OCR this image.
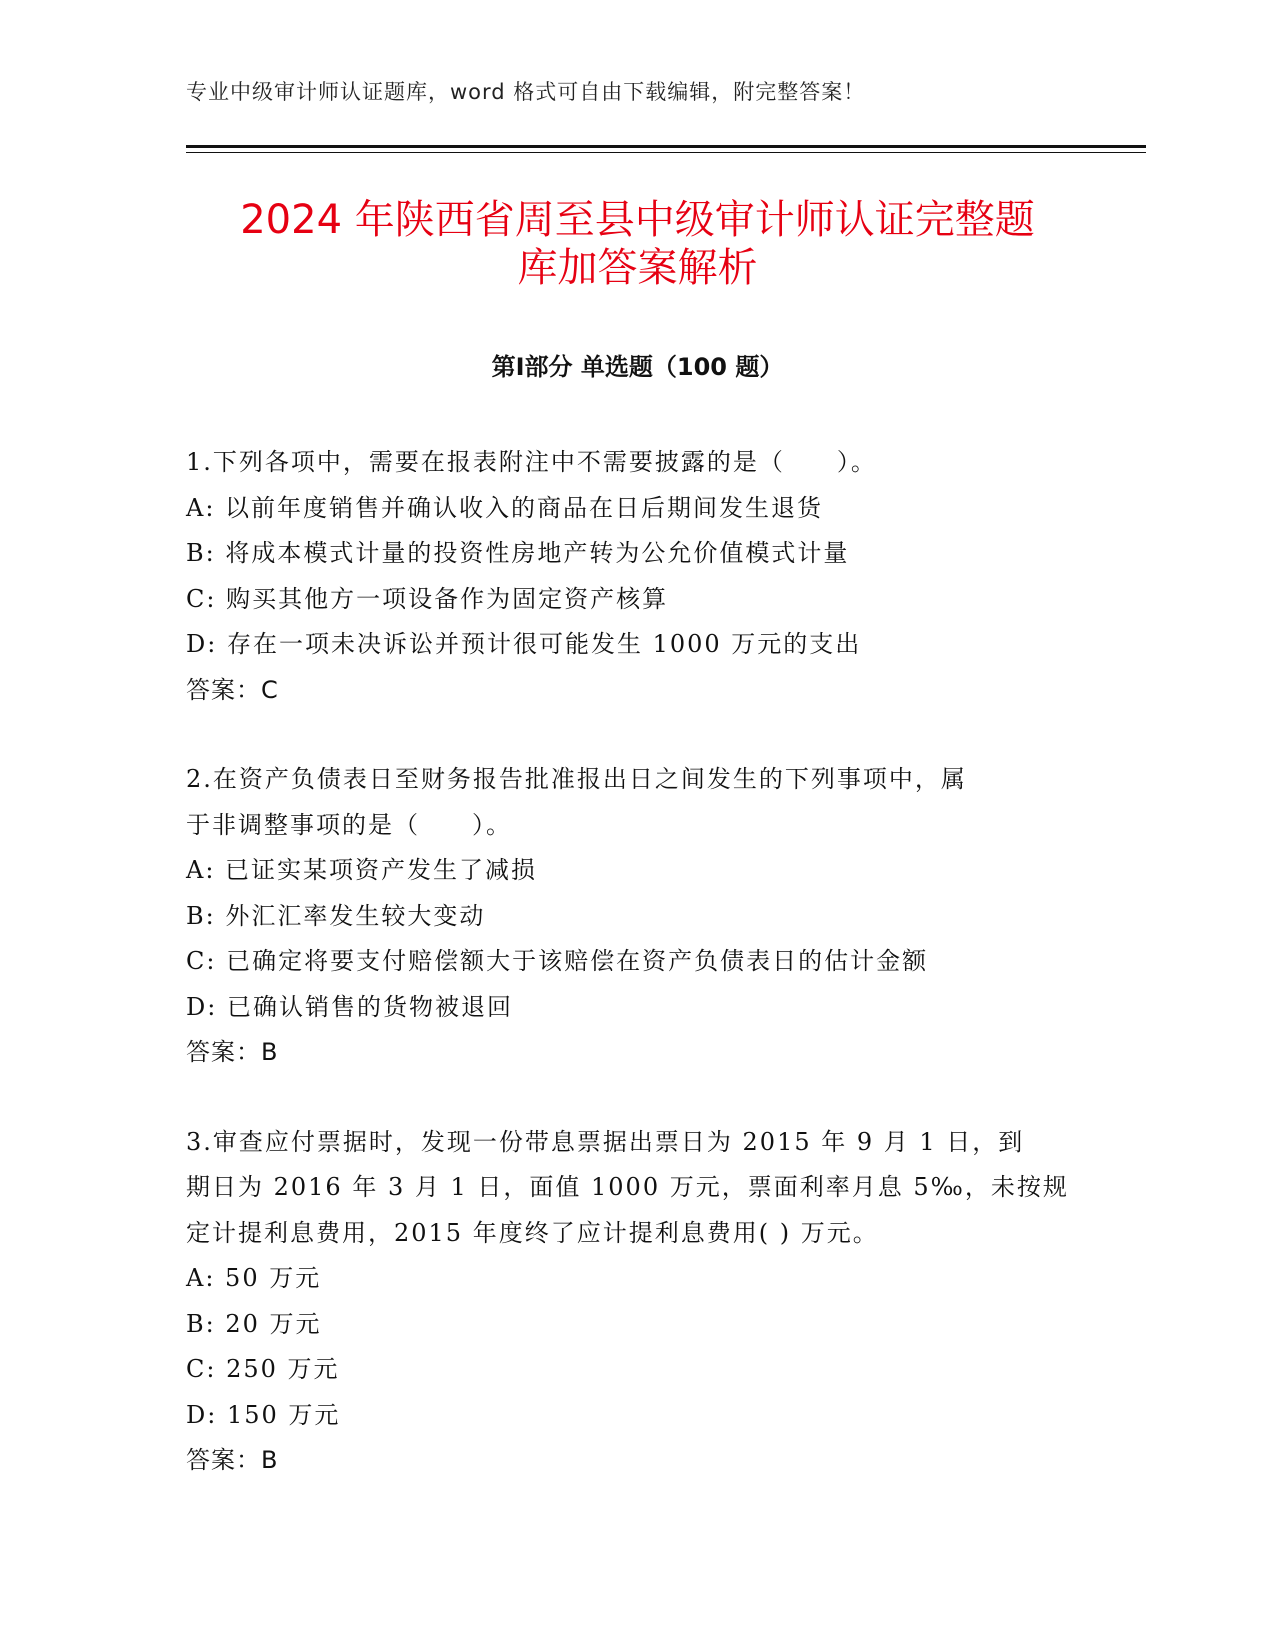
专业中级审计师认证题库，word 格式可自由下载编辑，附完整答案！
2024 年陕西省周至县中级审计师认证完整题
库加答案解析
第Ⅰ部分 单选题（100 题）
1.下列各项中，需要在报表附注中不需要披露的是（　　）。
A: 以前年度销售并确认收入的商品在日后期间发生退货
B: 将成本模式计量的投资性房地产转为公允价值模式计量
C: 购买其他方一项设备作为固定资产核算
D: 存在一项未决诉讼并预计很可能发生 1000 万元的支出
答案：C
2.在资产负债表日至财务报告批准报出日之间发生的下列事项中，属
于非调整事项的是（　　）。
A: 已证实某项资产发生了减损
B: 外汇汇率发生较大变动
C: 已确定将要支付赔偿额大于该赔偿在资产负债表日的估计金额
D: 已确认销售的货物被退回
答案：B
3.审查应付票据时，发现一份带息票据出票日为 2015 年 9 月 1 日，到
期日为 2016 年 3 月 1 日，面值 1000 万元，票面利率月息 5‰，未按规
定计提利息费用，2015 年度终了应计提利息费用( ) 万元。
A: 50 万元
B: 20 万元
C: 250 万元
D: 150 万元
答案：B
